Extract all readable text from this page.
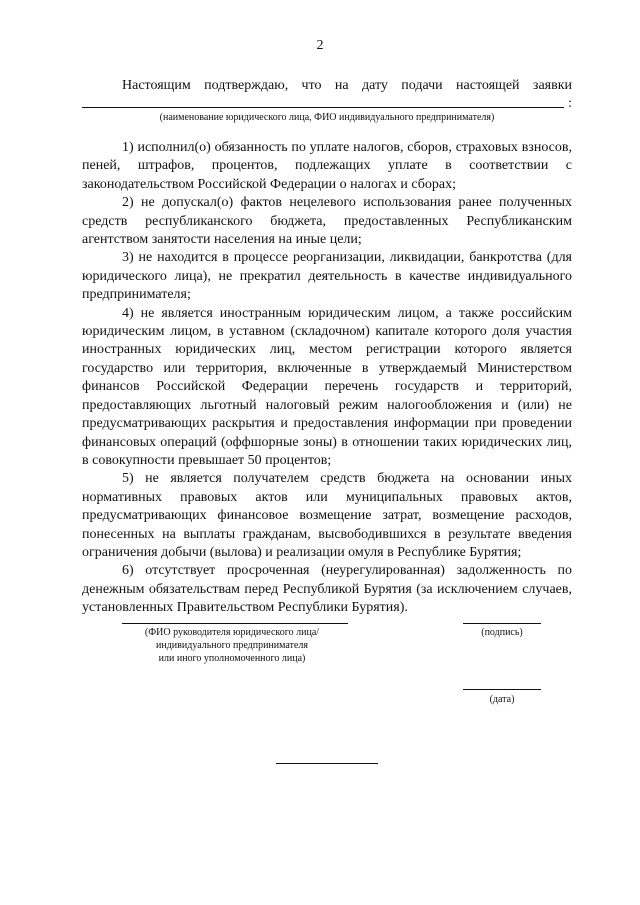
2
Настоящим подтверждаю, что на дату подачи настоящей заявки
:
(наименование юридического лица, ФИО индивидуального предпринимателя)
1) исполнил(о) обязанность по уплате налогов, сборов, страховых взносов, пеней, штрафов, процентов, подлежащих уплате в соответствии с законодательством Российской Федерации о налогах и сборах;
2) не допускал(о) фактов нецелевого использования ранее полученных средств республиканского бюджета, предоставленных Республиканским агентством занятости населения на иные цели;
3) не находится в процессе реорганизации, ликвидации, банкротства (для юридического лица), не прекратил деятельность в качестве индивидуального предпринимателя;
4) не является иностранным юридическим лицом, а также российским юридическим лицом, в уставном (складочном) капитале которого доля участия иностранных юридических лиц, местом регистрации которого является государство или территория, включенные в утверждаемый Министерством финансов Российской Федерации перечень государств и территорий, предоставляющих льготный налоговый режим налогообложения и (или) не предусматривающих раскрытия и предоставления информации при проведении финансовых операций (оффшорные зоны) в отношении таких юридических лиц, в совокупности превышает 50 процентов;
5) не является получателем средств бюджета на основании иных нормативных правовых актов или муниципальных правовых актов, предусматривающих финансовое возмещение затрат, возмещение расходов, понесенных на выплаты гражданам, высвободившихся в результате введения ограничения добычи (вылова) и реализации омуля в Республике Бурятия;
6) отсутствует просроченная (неурегулированная) задолженность по денежным обязательствам перед Республикой Бурятия (за исключением случаев, установленных Правительством Республики Бурятия).
(ФИО руководителя юридического лица/
индивидуального предпринимателя
или иного уполномоченного лица)
(подпись)
(дата)
